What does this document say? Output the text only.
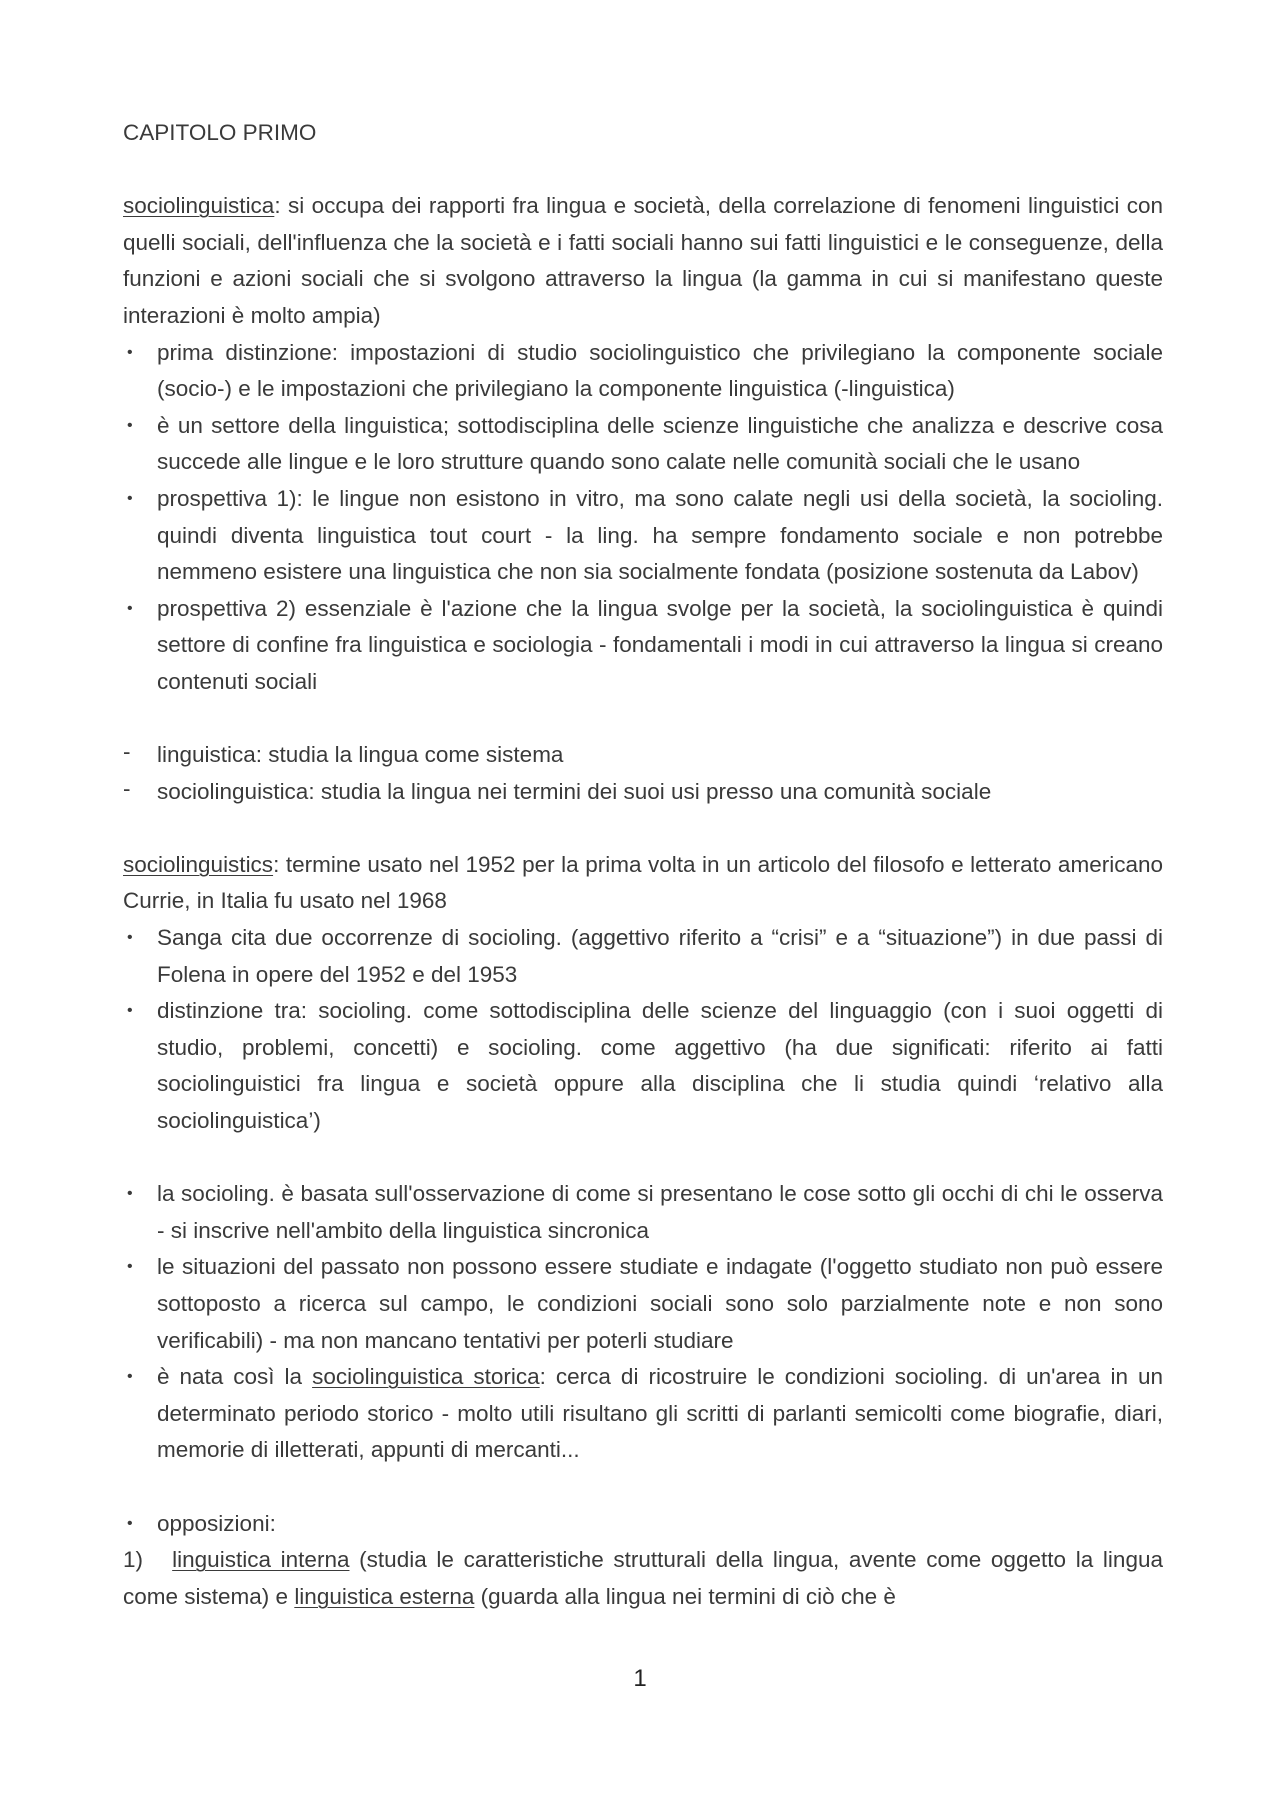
CAPITOLO PRIMO

sociolinguistica: si occupa dei rapporti fra lingua e società, della correlazione di fenomeni linguistici con quelli sociali, dell'influenza che la società e i fatti sociali hanno sui fatti linguistici e le conseguenze, della funzioni e azioni sociali che si svolgono attraverso la lingua (la gamma in cui si manifestano queste interazioni è molto ampia)

• prima distinzione: impostazioni di studio sociolinguistico che privilegiano la componente sociale (socio-) e le impostazioni che privilegiano la componente linguistica (-linguistica)
• è un settore della linguistica; sottodisciplina delle scienze linguistiche che analizza e descrive cosa succede alle lingue e le loro strutture quando sono calate nelle comunità sociali che le usano
• prospettiva 1): le lingue non esistono in vitro, ma sono calate negli usi della società, la socioling. quindi diventa linguistica tout court - la ling. ha sempre fondamento sociale e non potrebbe nemmeno esistere una linguistica che non sia socialmente fondata (posizione sostenuta da Labov)
• prospettiva 2) essenziale è l'azione che la lingua svolge per la società, la sociolinguistica è quindi settore di confine fra linguistica e sociologia - fondamentali i modi in cui attraverso la lingua si creano contenuti sociali
- linguistica: studia la lingua come sistema
- sociolinguistica: studia la lingua nei termini dei suoi usi presso una comunità sociale

sociolinguistics: termine usato nel 1952 per la prima volta in un articolo del filosofo e letterato americano Currie, in Italia fu usato nel 1968

• Sanga cita due occorrenze di socioling. (aggettivo riferito a “crisi” e a “situazione”) in due passi di Folena in opere del 1952 e del 1953
• distinzione tra: socioling. come sottodisciplina delle scienze del linguaggio (con i suoi oggetti di studio, problemi, concetti) e socioling. come aggettivo (ha due significati: riferito ai fatti sociolinguistici fra lingua e società oppure alla disciplina che li studia quindi ‘relativo alla sociolinguistica’)
• la socioling. è basata sull'osservazione di come si presentano le cose sotto gli occhi di chi le osserva - si inscrive nell'ambito della linguistica sincronica
• le situazioni del passato non possono essere studiate e indagate (l'oggetto studiato non può essere sottoposto a ricerca sul campo, le condizioni sociali sono solo parzialmente note e non sono verificabili) - ma non mancano tentativi per poterli studiare
• è nata così la sociolinguistica storica: cerca di ricostruire le condizioni socioling. di un'area in un determinato periodo storico - molto utili risultano gli scritti di parlanti semicolti come biografie, diari, memorie di illetterati, appunti di mercanti...
• opposizioni:

1) linguistica interna (studia le caratteristiche strutturali della lingua, avente come oggetto la lingua come sistema) e linguistica esterna (guarda alla lingua nei termini di ciò che è

1
